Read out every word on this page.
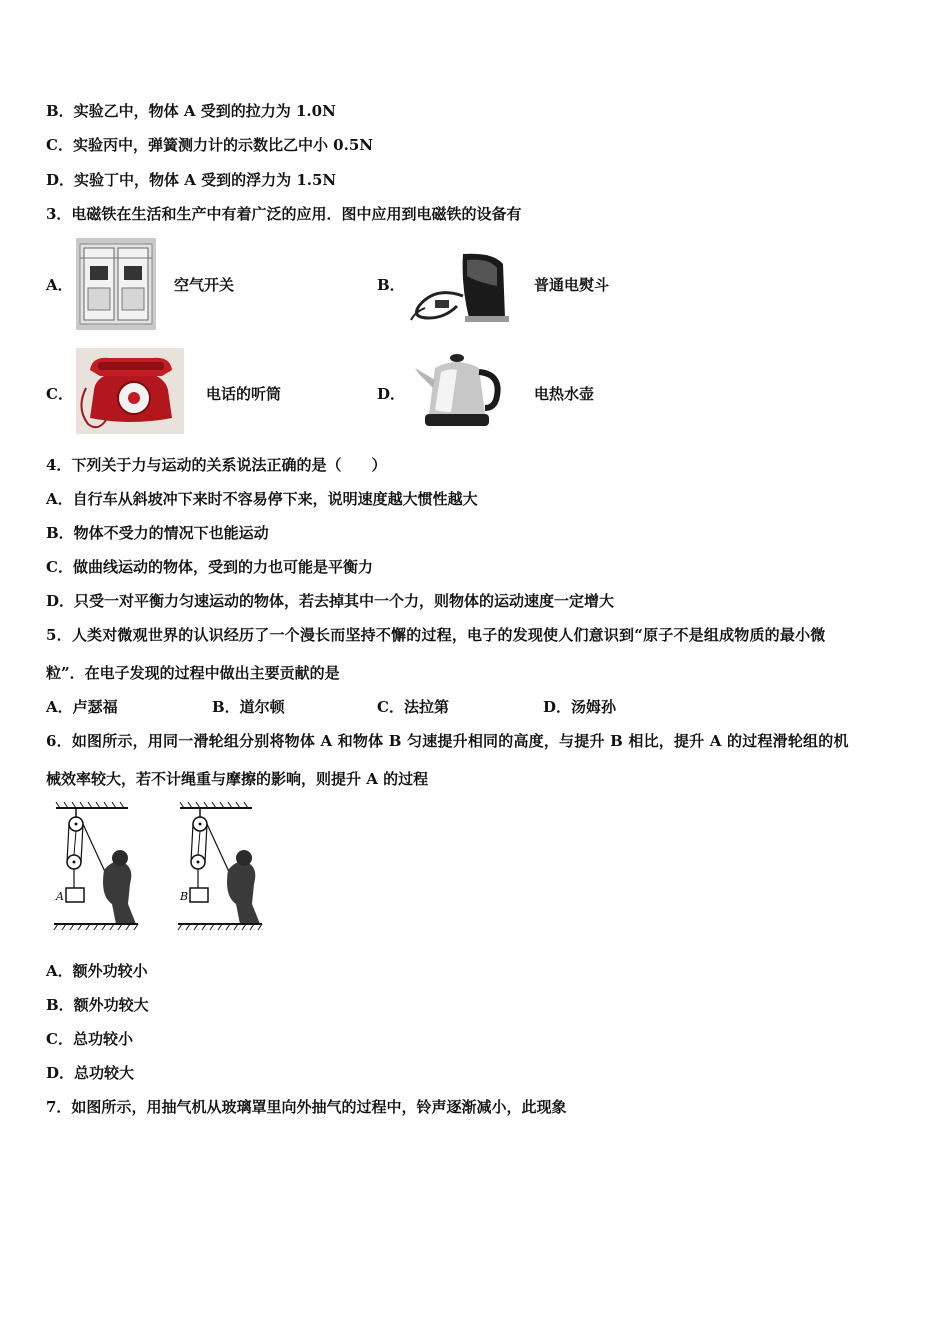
B．实验乙中，物体 A 受到的拉力为 1.0N
C．实验丙中，弹簧测力计的示数比乙中小 0.5N
D．实验丁中，物体 A 受到的浮力为 1.5N
3．电磁铁在生活和生产中有着广泛的应用．图中应用到电磁铁的设备有
A．	空气开关	B．	普通电熨斗
C．	电话的听筒	D．	电热水壶
4．下列关于力与运动的关系说法正确的是（　　）
A．自行车从斜坡冲下来时不容易停下来，说明速度越大惯性越大
B．物体不受力的情况下也能运动
C．做曲线运动的物体，受到的力也可能是平衡力
D．只受一对平衡力匀速运动的物体，若去掉其中一个力，则物体的运动速度一定增大
5．人类对微观世界的认识经历了一个漫长而坚持不懈的过程，电子的发现使人们意识到“原子不是组成物质的最小微
粒”．在电子发现的过程中做出主要贡献的是
A．卢瑟福	B．道尔顿	C．法拉第	D．汤姆孙
6．如图所示，用同一滑轮组分别将物体 A 和物体 B 匀速提升相同的高度，与提升 B 相比，提升 A 的过程滑轮组的机
械效率较大，若不计绳重与摩擦的影响，则提升 A 的过程
A	B
A．额外功较小
B．额外功较大
C．总功较小
D．总功较大
7．如图所示，用抽气机从玻璃罩里向外抽气的过程中，铃声逐渐减小，此现象
